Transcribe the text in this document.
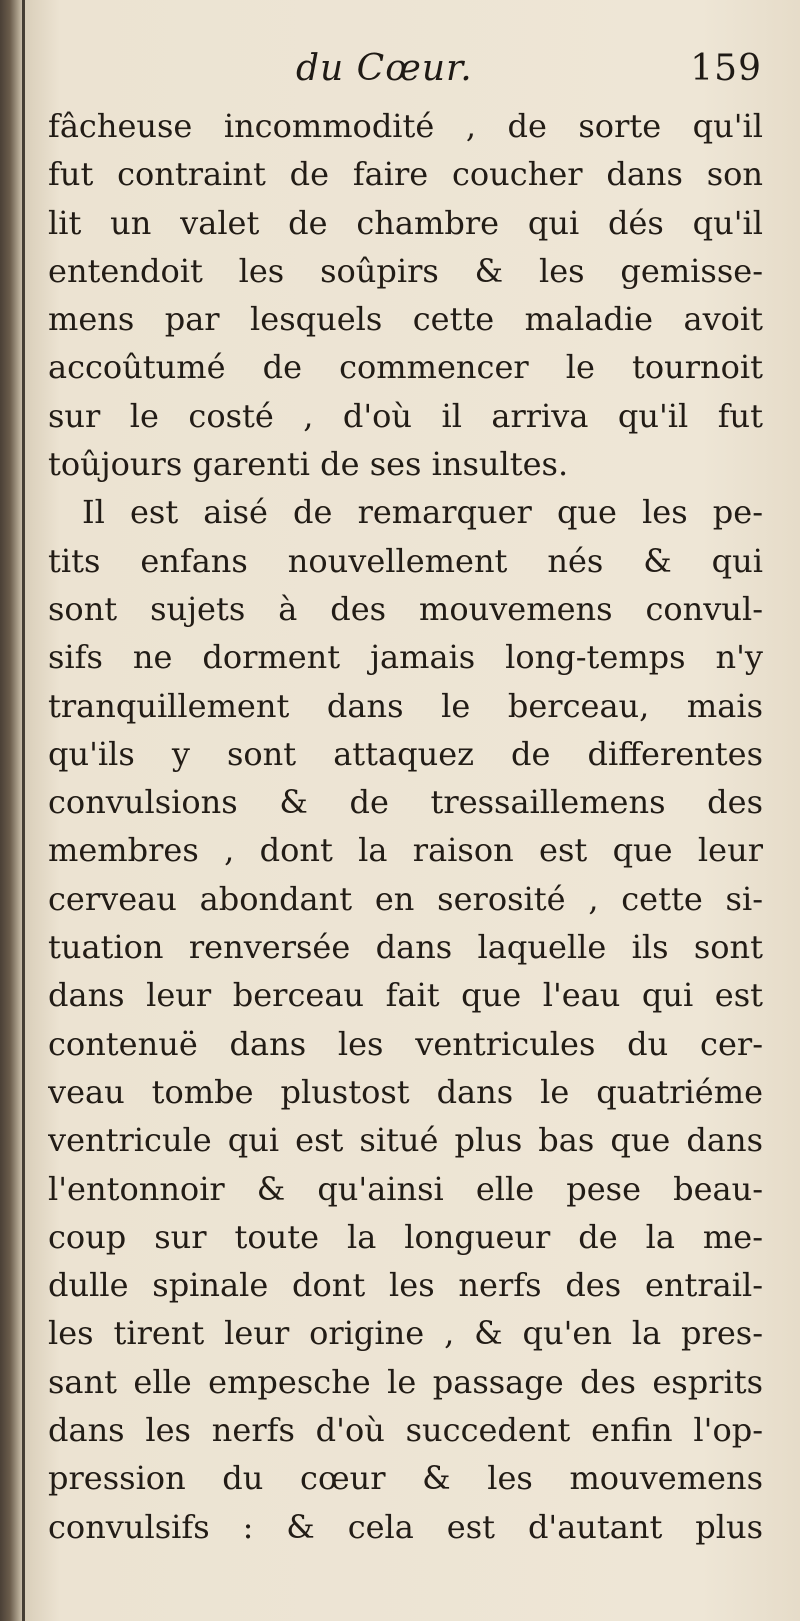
du Cœur.	159
fâcheuse incommodité , de sorte qu'il
fut contraint de faire coucher dans son
lit un valet de chambre qui dés qu'il
entendoit les soûpirs & les gemisse-
mens par lesquels cette maladie avoit
accoûtumé de commencer le tournoit
sur le costé , d'où il arriva qu'il fut
toûjours garenti de ses insultes.
Il est aisé de remarquer que les pe-
tits enfans nouvellement nés & qui
sont sujets à des mouvemens convul-
sifs ne dorment jamais long-temps n'y
tranquillement dans le berceau, mais
qu'ils y sont attaquez de differentes
convulsions & de tressaillemens des
membres , dont la raison est que leur
cerveau abondant en serosité , cette si-
tuation renversée dans laquelle ils sont
dans leur berceau fait que l'eau qui est
contenuë dans les ventricules du cer-
veau tombe plustost dans le quatriéme
ventricule qui est situé plus bas que dans
l'entonnoir & qu'ainsi elle pese beau-
coup sur toute la longueur de la me-
dulle spinale dont les nerfs des entrail-
les tirent leur origine , & qu'en la pres-
sant elle empesche le passage des esprits
dans les nerfs d'où succedent enfin l'op-
pression du cœur & les mouvemens
convulsifs : & cela est d'autant plus
